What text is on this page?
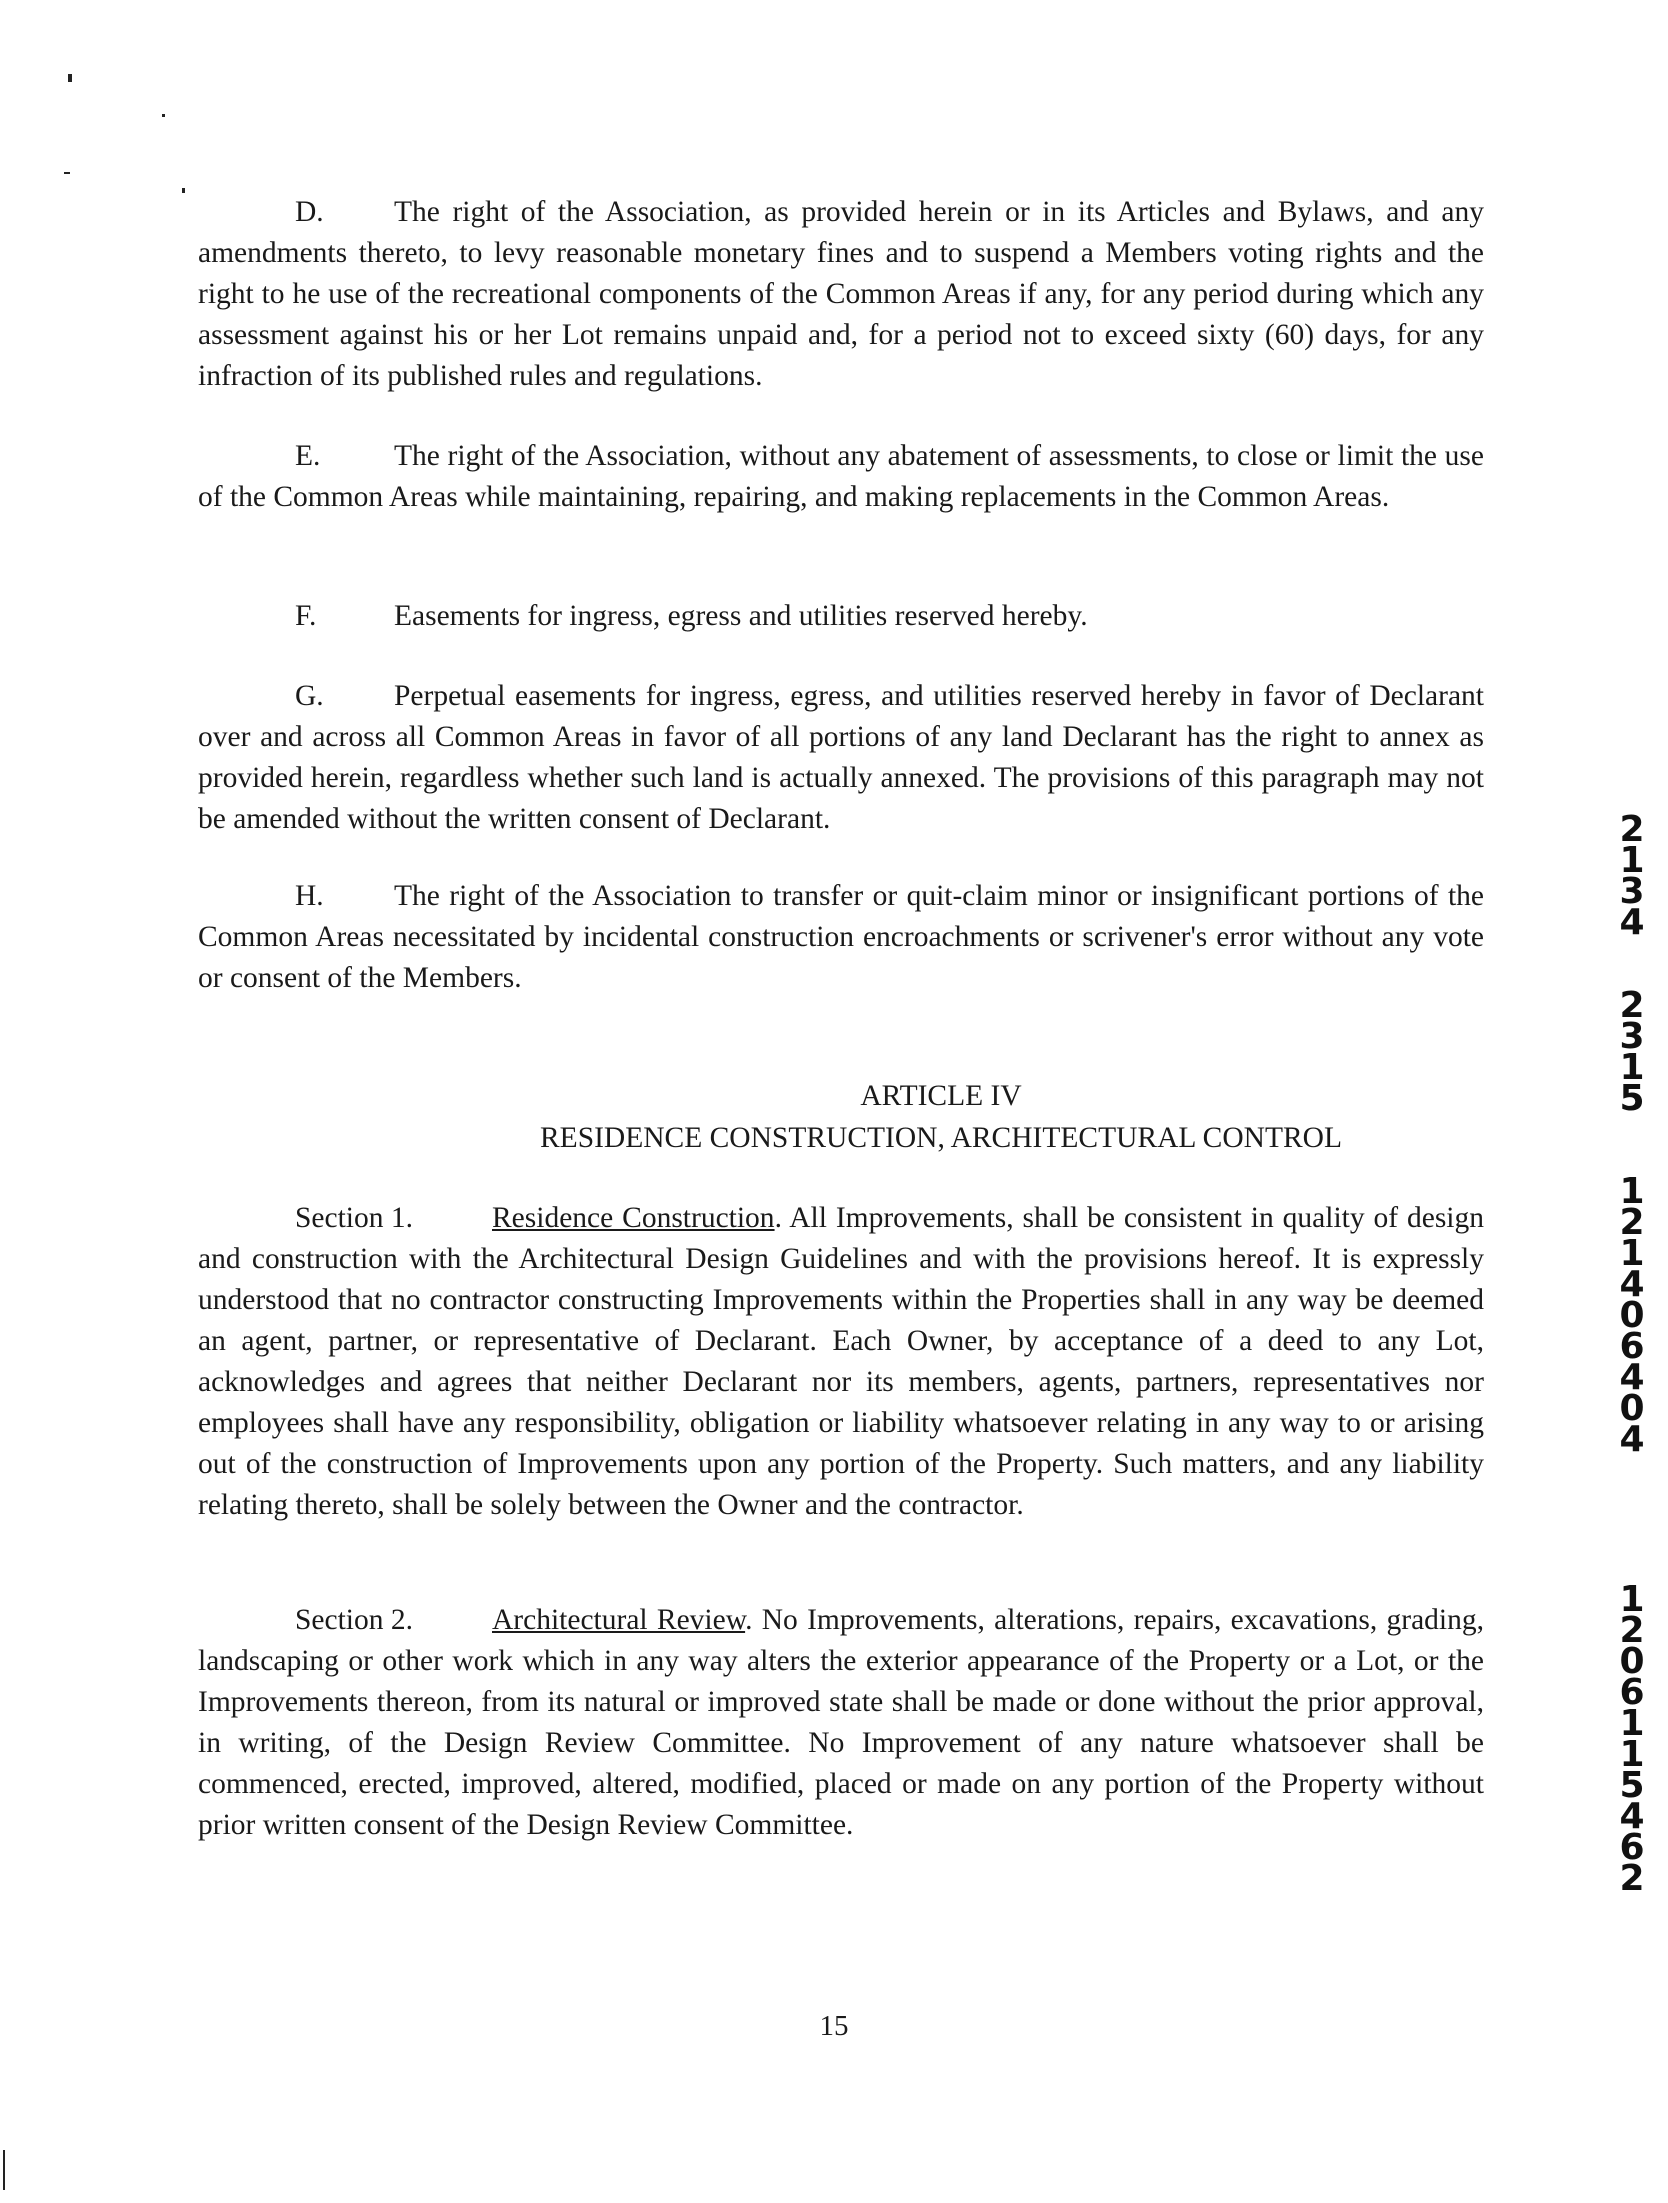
D. The right of the Association, as provided herein or in its Articles and Bylaws, and any amendments thereto, to levy reasonable monetary fines and to suspend a Members voting rights and the right to he use of the recreational components of the Common Areas if any, for any period during which any assessment against his or her Lot remains unpaid and, for a period not to exceed sixty (60) days, for any infraction of its published rules and regulations.

E. The right of the Association, without any abatement of assessments, to close or limit the use of the Common Areas while maintaining, repairing, and making replacements in the Common Areas.

F.	Easements for ingress, egress and utilities reserved hereby.

G. Perpetual easements for ingress, egress, and utilities reserved hereby in favor of Declarant over and across all Common Areas in favor of all portions of any land Declarant has the right to annex as provided herein, regardless whether such land is actually annexed. The provisions of this paragraph may not be amended without the written consent of Declarant.

H. The right of the Association to transfer or quit-claim minor or insignificant portions of the Common Areas necessitated by incidental construction encroachments or scrivener's error without any vote or consent of the Members.

ARTICLE IV
RESIDENCE CONSTRUCTION, ARCHITECTURAL CONTROL

Section 1.	Residence Construction. All Improvements, shall be consistent in quality of design and construction with the Architectural Design Guidelines and with the provisions hereof. It is expressly understood that no contractor constructing Improvements within the Properties shall in any way be deemed an agent, partner, or representative of Declarant. Each Owner, by acceptance of a deed to any Lot, acknowledges and agrees that neither Declarant nor its members, agents, partners, representatives nor employees shall have any responsibility, obligation or liability whatsoever relating in any way to or arising out of the construction of Improvements upon any portion of the Property. Such matters, and any liability relating thereto, shall be solely between the Owner and the contractor.

Section 2.	Architectural Review. No Improvements, alterations, repairs, excavations, grading, landscaping or other work which in any way alters the exterior appearance of the Property or a Lot, or the Improvements thereon, from its natural or improved state shall be made or done without the prior approval, in writing, of the Design Review Committee. No Improvement of any nature whatsoever shall be commenced, erected, improved, altered, modified, placed or made on any portion of the Property without prior written consent of the Design Review Committee.

2
1
3
4
2
3
1
5
1
2
1
4
0
6
4
0
4
1
2
0
6
1
1
5
4
6
2
15
